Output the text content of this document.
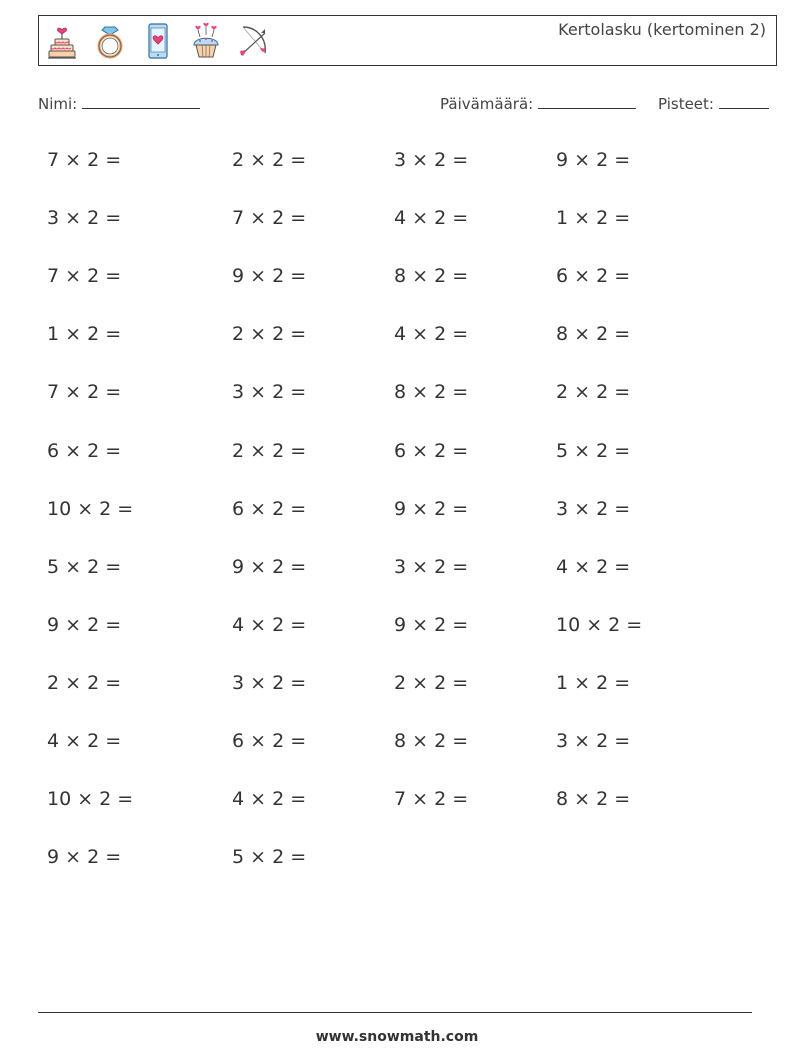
Kertolasku (kertominen 2)
Nimi:	Päivämäärä:	Pisteet:
7 × 2 =	2 × 2 =	3 × 2 =	9 × 2 =
3 × 2 =	7 × 2 =	4 × 2 =	1 × 2 =
7 × 2 =	9 × 2 =	8 × 2 =	6 × 2 =
1 × 2 =	2 × 2 =	4 × 2 =	8 × 2 =
7 × 2 =	3 × 2 =	8 × 2 =	2 × 2 =
6 × 2 =	2 × 2 =	6 × 2 =	5 × 2 =
10 × 2 =	6 × 2 =	9 × 2 =	3 × 2 =
5 × 2 =	9 × 2 =	3 × 2 =	4 × 2 =
9 × 2 =	4 × 2 =	9 × 2 =	10 × 2 =
2 × 2 =	3 × 2 =	2 × 2 =	1 × 2 =
4 × 2 =	6 × 2 =	8 × 2 =	3 × 2 =
10 × 2 =	4 × 2 =	7 × 2 =	8 × 2 =
9 × 2 =	5 × 2 =
www.snowmath.com
